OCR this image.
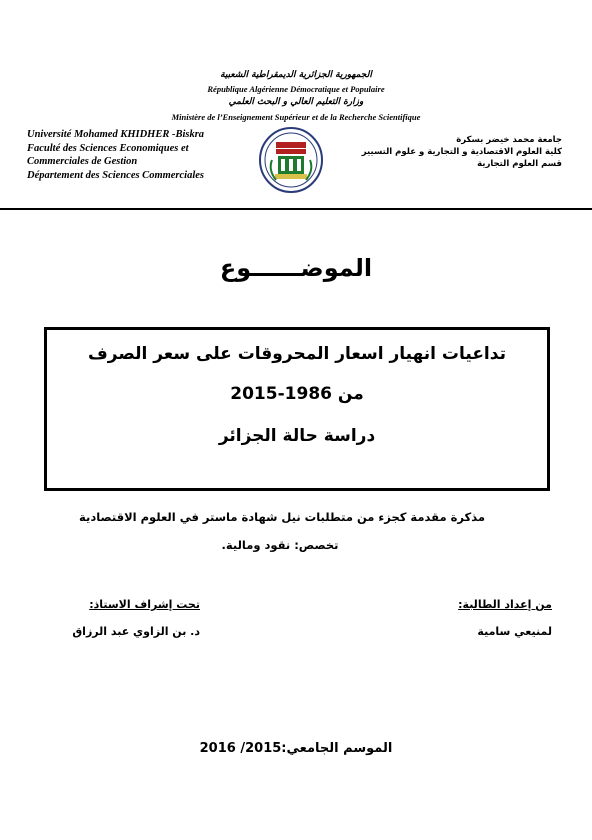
الجمهورية الجزائرية الديمقراطية الشعبية
République Algérienne Démocratique et Populaire
وزارة التعليم العالي و البحث العلمي
Ministère de l’Enseignement Supérieur et de la Recherche Scientifique
Université Mohamed KHIDHER -Biskra
Faculté des Sciences Economiques et
Commerciales de Gestion
Département des Sciences Commerciales
جامعة محمد خيضر بسكرة
كلية العلوم الاقتصادية و التجارية و علوم التسيير
قسم العلوم التجارية
الموضــــــوع
تداعيات انهيار اسعار المحروقات على سعر الصرف
من 1986-2015
دراسة حالة الجزائر
مذكرة مقدمة كجزء من متطلبات نيل شهادة ماستر في العلوم الاقتصادية
تخصص: نقود ومالية.
من إعداد الطالبة:
لمنيعي سامية
تحت إشراف الاستاذ:
د. بن الزاوي عبد الرزاق
الموسم الجامعي:2015/ 2016
